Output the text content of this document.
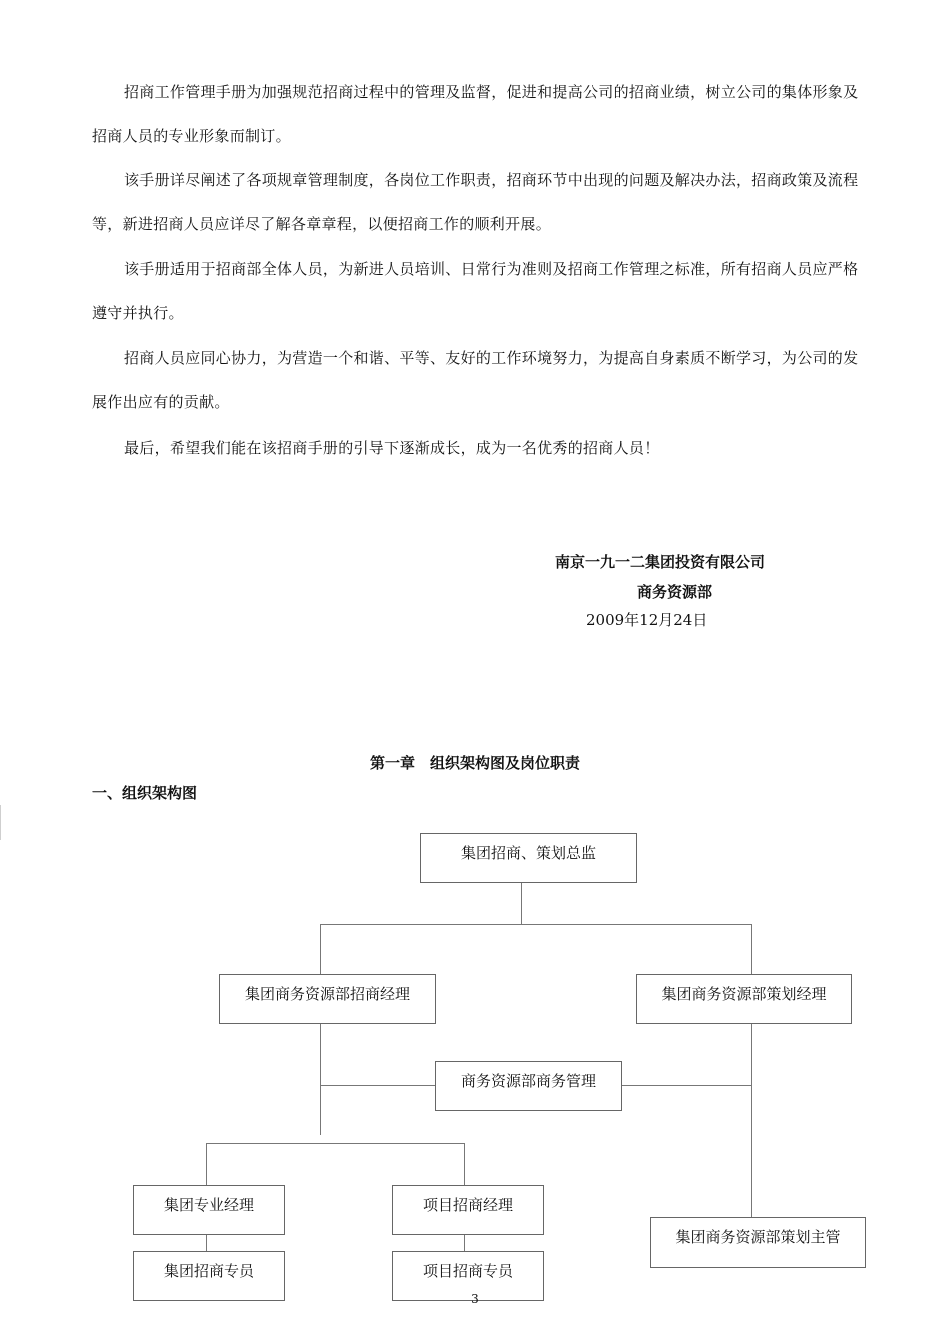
招商工作管理手册为加强规范招商过程中的管理及监督，促进和提高公司的招商业绩，树立公司的集体形象及招商人员的专业形象而制订。

该手册详尽阐述了各项规章管理制度，各岗位工作职责，招商环节中出现的问题及解决办法，招商政策及流程等，新进招商人员应详尽了解各章章程，以便招商工作的顺利开展。

该手册适用于招商部全体人员，为新进人员培训、日常行为准则及招商工作管理之标准，所有招商人员应严格遵守并执行。

招商人员应同心协力，为营造一个和谐、平等、友好的工作环境努力，为提高自身素质不断学习，为公司的发展作出应有的贡献。

最后，希望我们能在该招商手册的引导下逐渐成长，成为一名优秀的招商人员！

南京一九一二集团投资有限公司
商务资源部
2009年12月24日
第一章　组织架构图及岗位职责
一、组织架构图
集团招商、策划总监
集团商务资源部招商经理	集团商务资源部策划经理
商务资源部商务管理
集团专业经理	项目招商经理
集团招商专员	项目招商专员
集团商务资源部策划主管
3
